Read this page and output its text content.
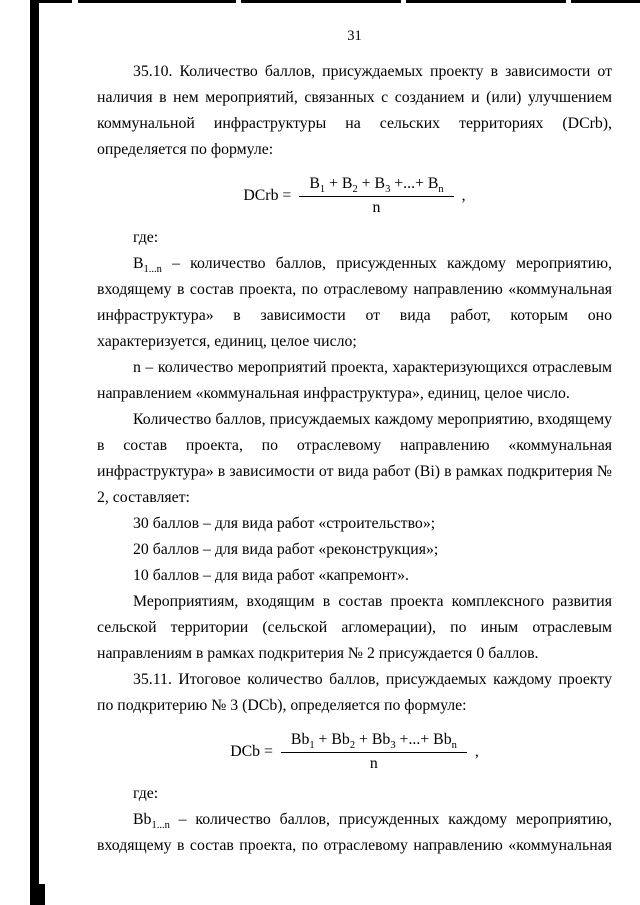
31

35.10. Количество баллов, присуждаемых проекту в зависимости от наличия в нем мероприятий, связанных с созданием и (или) улучшением коммунальной инфраструктуры на сельских территориях (DCrb), определяется по формуле:

DCrb = $\frac{B_1 + B_2 + B_3 +...+ B_n}{n}$ ,

где:

$B_{1...n}$ – количество баллов, присужденных каждому мероприятию, входящему в состав проекта, по отраслевому направлению «коммунальная инфраструктура» в зависимости от вида работ, которым оно характеризуется, единиц, целое число;

n – количество мероприятий проекта, характеризующихся отраслевым направлением «коммунальная инфраструктура», единиц, целое число.

Количество баллов, присуждаемых каждому мероприятию, входящему в состав проекта, по отраслевому направлению «коммунальная инфраструктура» в зависимости от вида работ (Bi) в рамках подкритерия № 2, составляет:

30 баллов – для вида работ «строительство»;

20 баллов – для вида работ «реконструкция»;

10 баллов – для вида работ «капремонт».

Мероприятиям, входящим в состав проекта комплексного развития сельской территории (сельской агломерации), по иным отраслевым направлениям в рамках подкритерия № 2 присуждается 0 баллов.

35.11. Итоговое количество баллов, присуждаемых каждому проекту по подкритерию № 3 (DCb), определяется по формуле:

DCb = $\frac{Bb_1 + Bb_2 + Bb_3 +...+ Bb_n}{n}$ ,

где:

$Bb_{1...n}$ – количество баллов, присужденных каждому мероприятию, входящему в состав проекта, по отраслевому направлению «коммунальная
